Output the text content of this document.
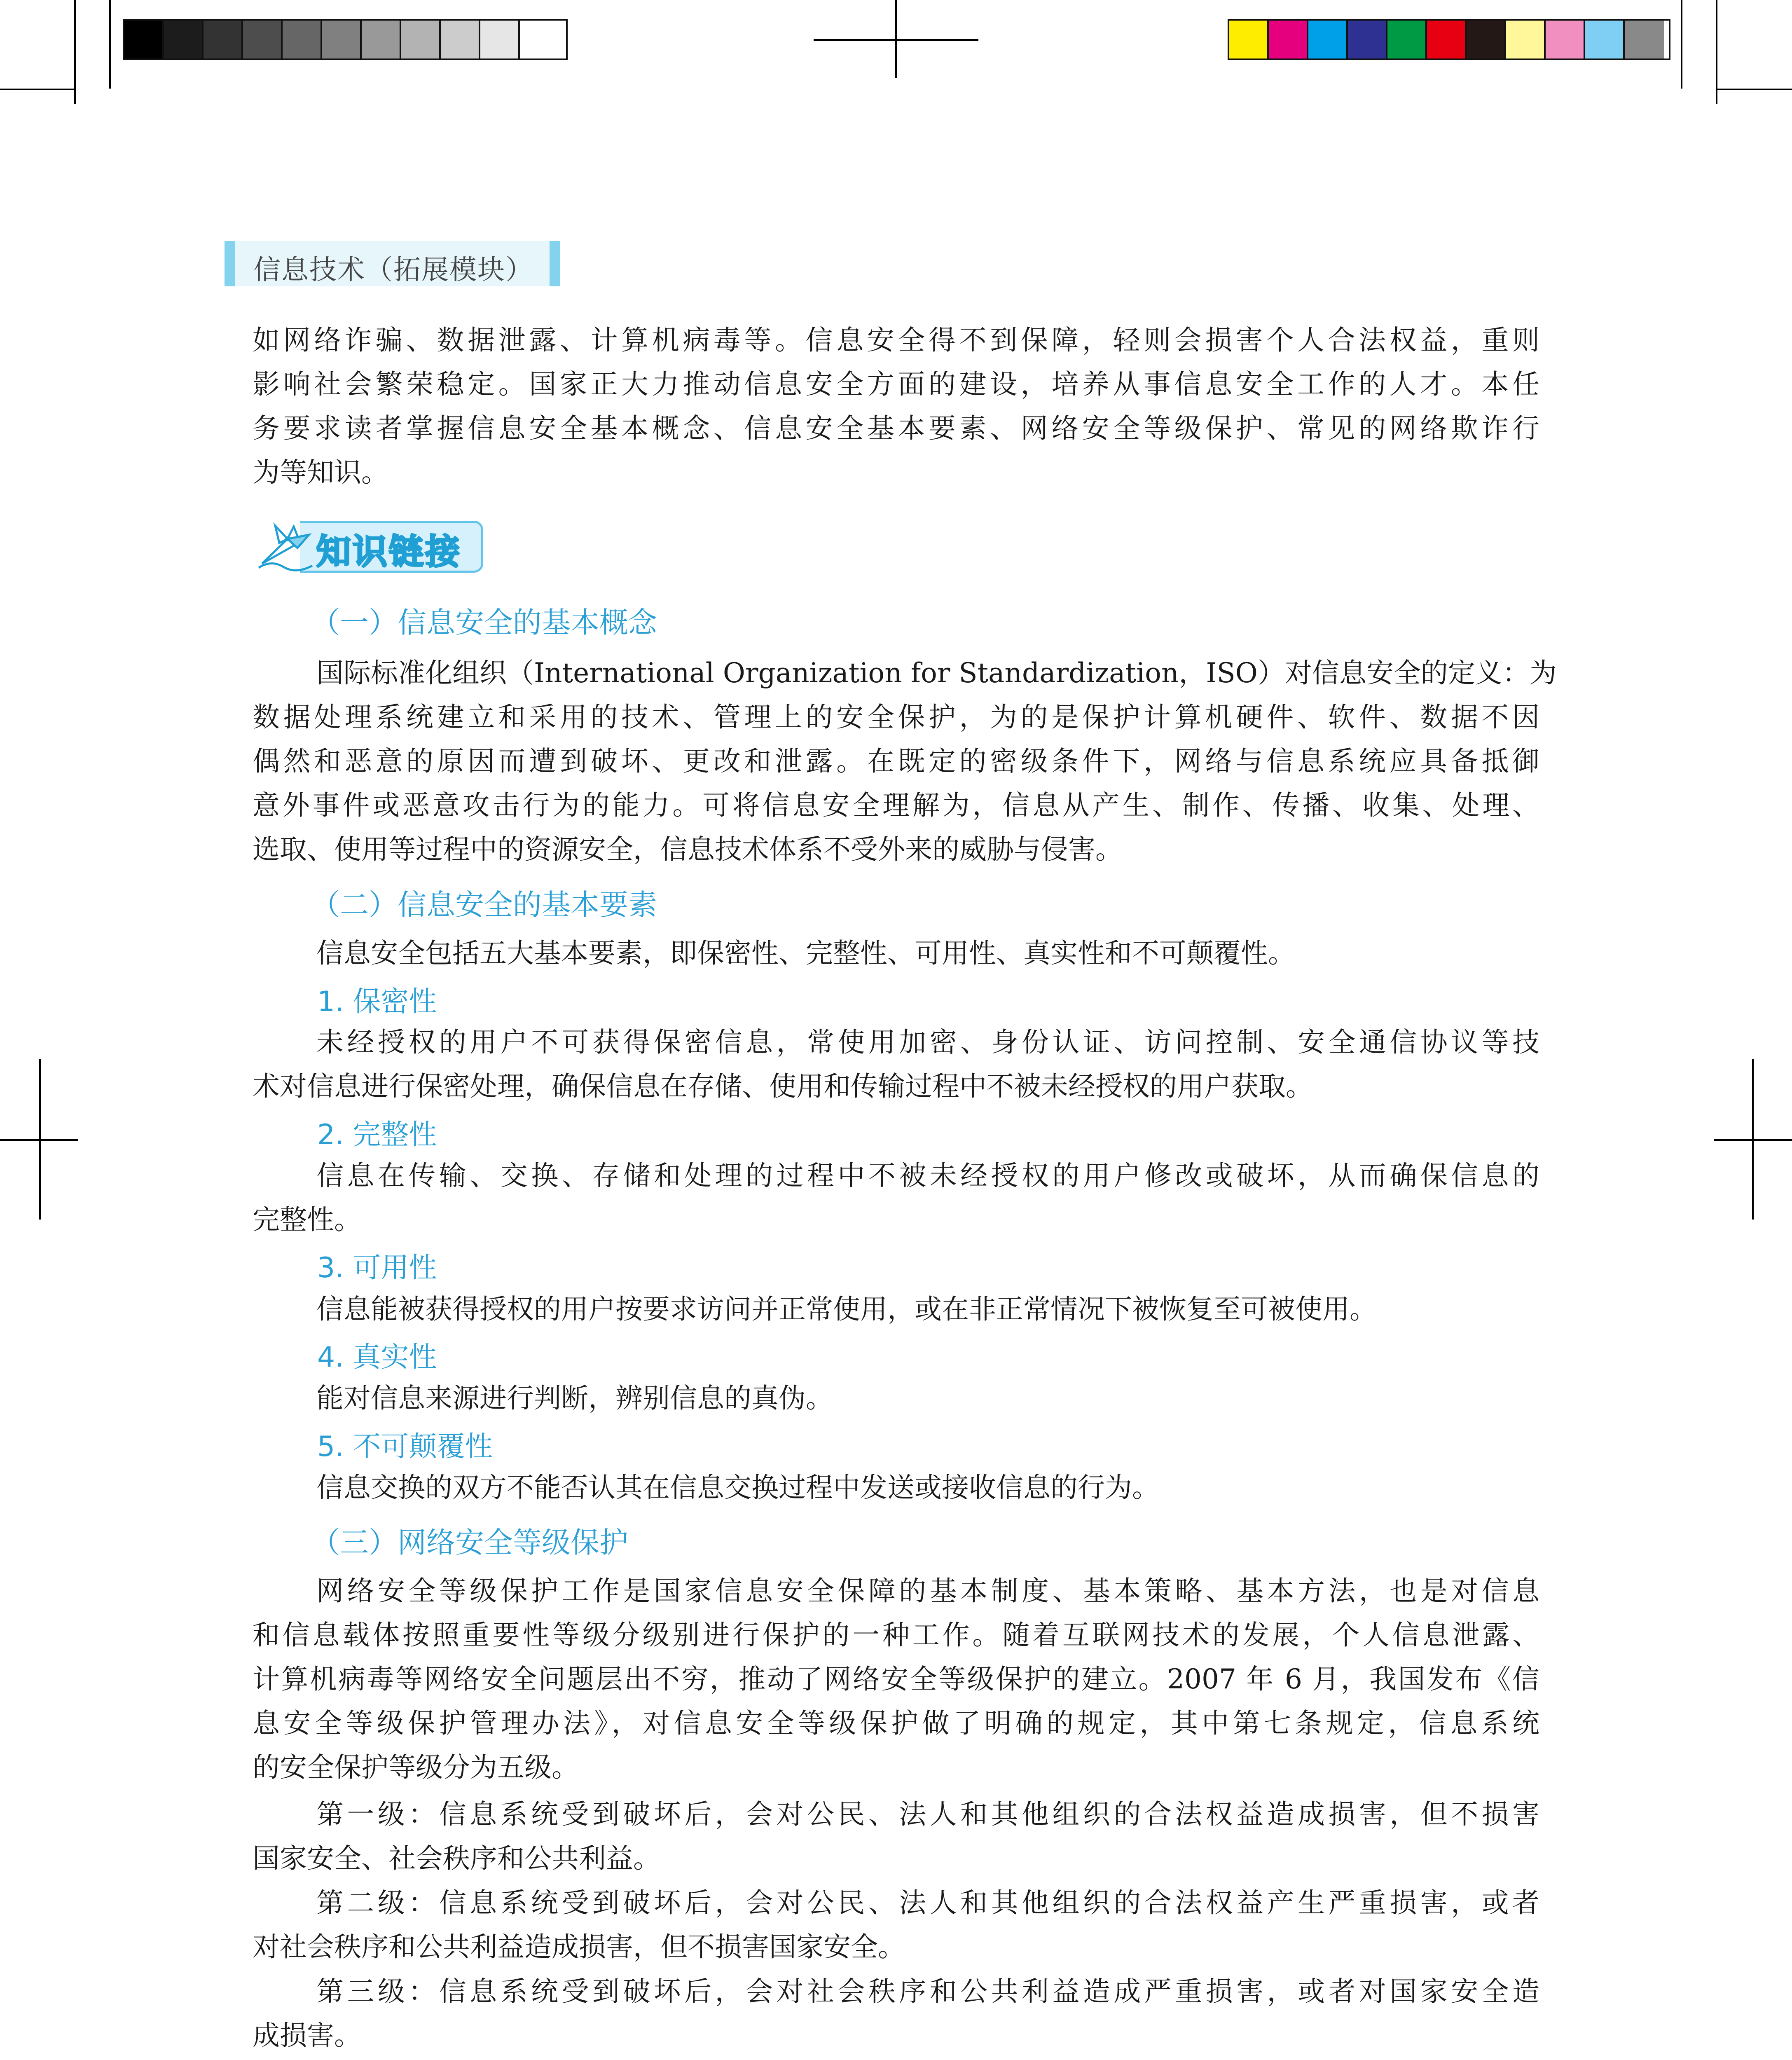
信息技术（拓展模块）
如网络诈骗、数据泄露、计算机病毒等。信息安全得不到保障，轻则会损害个人合法权益，重则
影响社会繁荣稳定。国家正大力推动信息安全方面的建设，培养从事信息安全工作的人才。本任
务要求读者掌握信息安全基本概念、信息安全基本要素、网络安全等级保护、常见的网络欺诈行
为等知识。
知识链接
（一）信息安全的基本概念
国际标准化组织（International Organization for Standardization，ISO）对信息安全的定义：为
数据处理系统建立和采用的技术、管理上的安全保护，为的是保护计算机硬件、软件、数据不因
偶然和恶意的原因而遭到破坏、更改和泄露。在既定的密级条件下，网络与信息系统应具备抵御
意外事件或恶意攻击行为的能力。可将信息安全理解为，信息从产生、制作、传播、收集、处理、
选取、使用等过程中的资源安全，信息技术体系不受外来的威胁与侵害。
（二）信息安全的基本要素
信息安全包括五大基本要素，即保密性、完整性、可用性、真实性和不可颠覆性。
1. 保密性
未经授权的用户不可获得保密信息，常使用加密、身份认证、访问控制、安全通信协议等技
术对信息进行保密处理，确保信息在存储、使用和传输过程中不被未经授权的用户获取。
2. 完整性
信息在传输、交换、存储和处理的过程中不被未经授权的用户修改或破坏，从而确保信息的
完整性。
3. 可用性
信息能被获得授权的用户按要求访问并正常使用，或在非正常情况下被恢复至可被使用。
4. 真实性
能对信息来源进行判断，辨别信息的真伪。
5. 不可颠覆性
信息交换的双方不能否认其在信息交换过程中发送或接收信息的行为。
（三）网络安全等级保护
网络安全等级保护工作是国家信息安全保障的基本制度、基本策略、基本方法，也是对信息
和信息载体按照重要性等级分级别进行保护的一种工作。随着互联网技术的发展，个人信息泄露、
计算机病毒等网络安全问题层出不穷，推动了网络安全等级保护的建立。2007 年 6 月，我国发布《信
息安全等级保护管理办法》，对信息安全等级保护做了明确的规定，其中第七条规定，信息系统
的安全保护等级分为五级。
第一级：信息系统受到破坏后，会对公民、法人和其他组织的合法权益造成损害，但不损害
国家安全、社会秩序和公共利益。
第二级：信息系统受到破坏后，会对公民、法人和其他组织的合法权益产生严重损害，或者
对社会秩序和公共利益造成损害，但不损害国家安全。
第三级：信息系统受到破坏后，会对社会秩序和公共利益造成严重损害，或者对国家安全造
成损害。
